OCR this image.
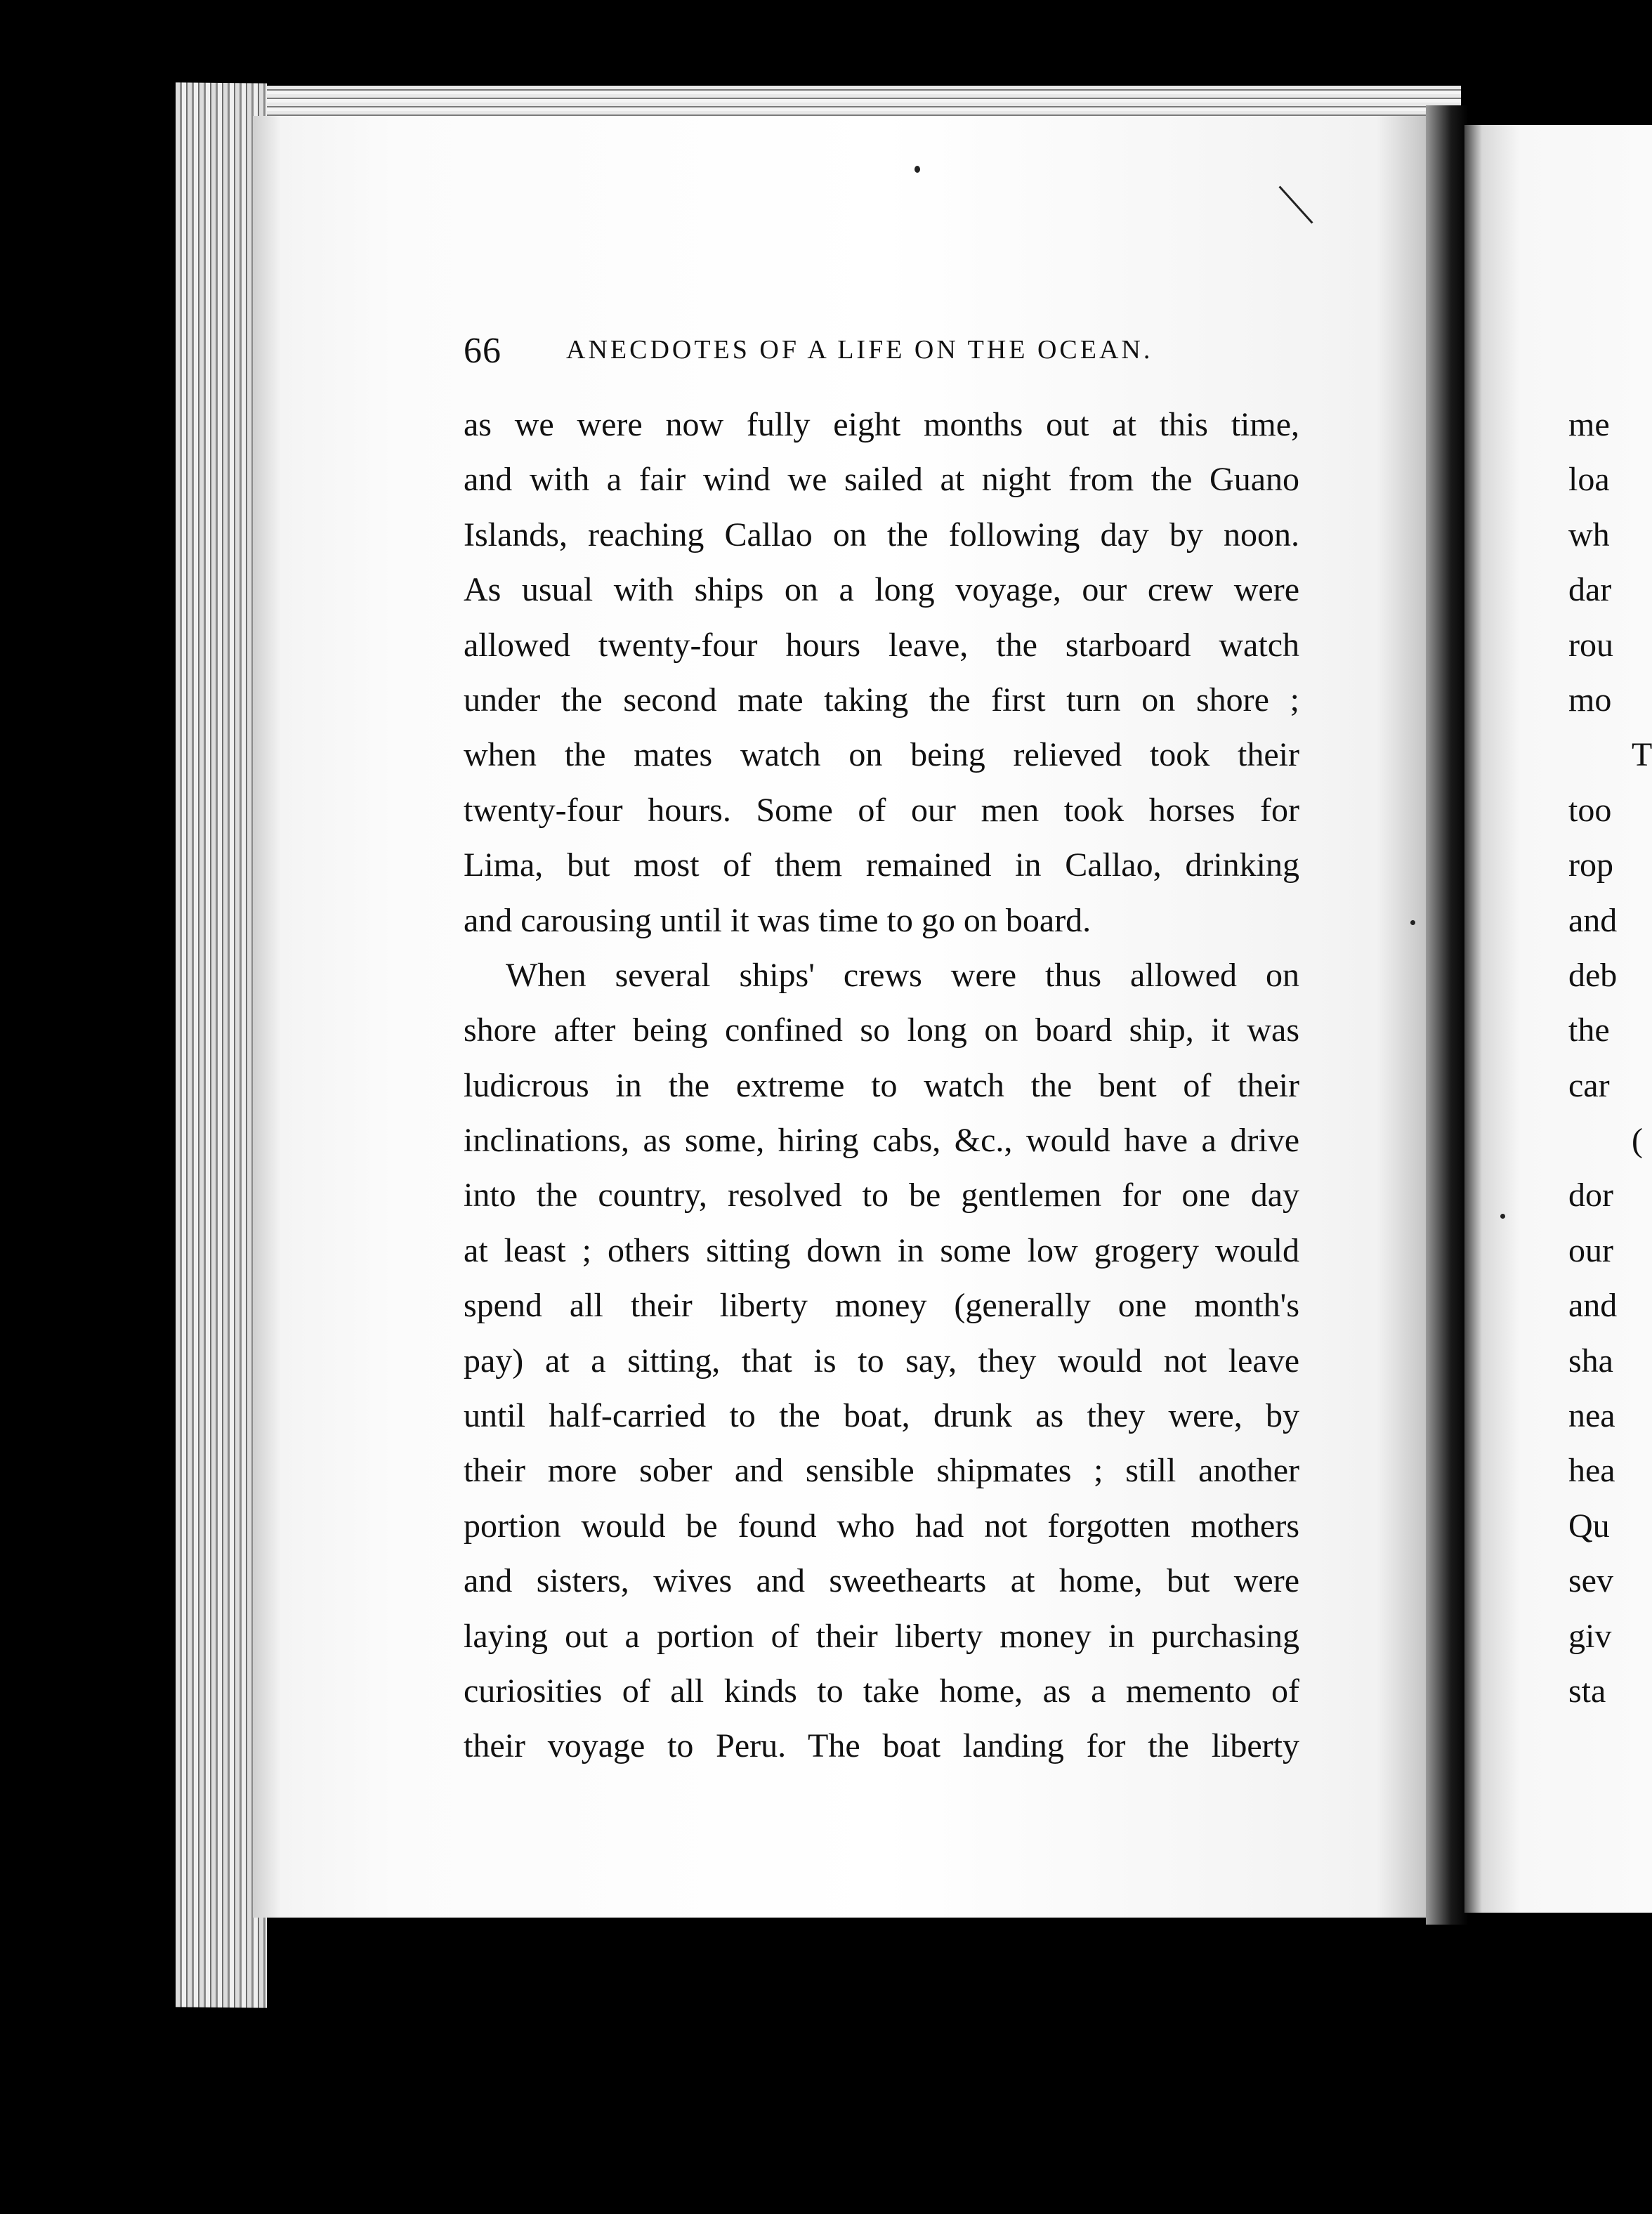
66 ANECDOTES OF A LIFE ON THE OCEAN.
as we were now fully eight months out at this time,
and with a fair wind we sailed at night from the Guano
Islands, reaching Callao on the following day by noon.
As usual with ships on a long voyage, our crew were
allowed twenty-four hours leave, the starboard watch
under the second mate taking the first turn on shore ;
when the mates watch on being relieved took their
twenty-four hours. Some of our men took horses for
Lima, but most of them remained in Callao, drinking
and carousing until it was time to go on board.
When several ships' crews were thus allowed on
shore after being confined so long on board ship, it was
ludicrous in the extreme to watch the bent of their
inclinations, as some, hiring cabs, &c., would have a drive
into the country, resolved to be gentlemen for one day
at least ; others sitting down in some low grogery would
spend all their liberty money (generally one month's
pay) at a sitting, that is to say, they would not leave
until half-carried to the boat, drunk as they were, by
their more sober and sensible shipmates ; still another
portion would be found who had not forgotten mothers
and sisters, wives and sweethearts at home, but were
laying out a portion of their liberty money in purchasing
curiosities of all kinds to take home, as a memento of
their voyage to Peru. The boat landing for the liberty
me
loa
wh
dar
rou
mo
T
too
rop
and
deb
the
car
(
dor
our
and
sha
nea
hea
Qu
sev
giv
sta
